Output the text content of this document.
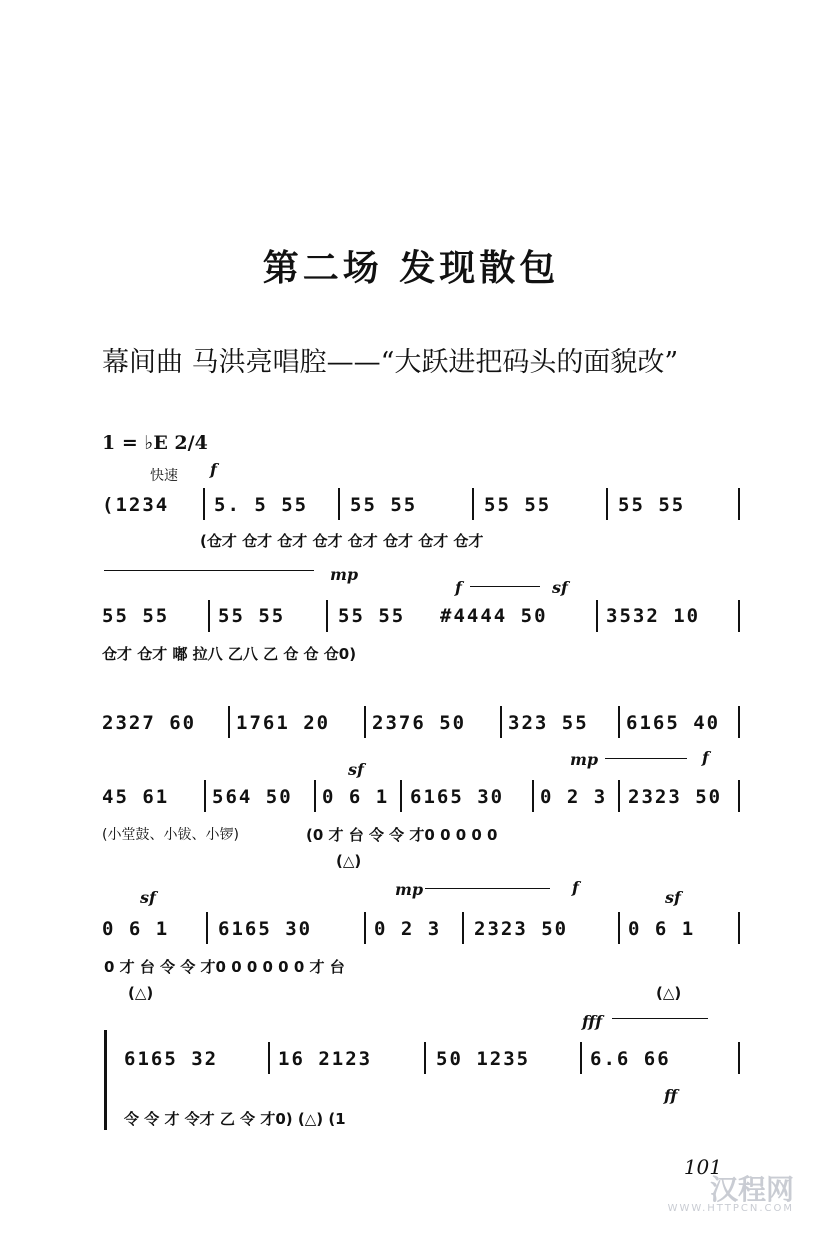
第二场 发现散包
幕间曲 马洪亮唱腔——“大跃进把码头的面貌改”
1 = ♭E 2/4
快速 f
(1234 5. 5 55 55 55	55 55	55 55
(仓才 仓才 仓才 仓才 仓才 仓才 仓才 仓才
mp
f	sf
55 55	55 55	55 55 #4444 50	3532 10
仓才 仓才 嘟 拉八 乙八 乙 仓 仓 仓0)
2327 60 1761 20 2376 50 323 55 6165 40
sf
mp	f
45 61 564 50 0 6 1 6165 30 0 2 3 2323 50
(小堂鼓、小钹、小锣)	(0 才 台 令 令 才0 0 0 0 0
(△)
sf	mp	f
sf
0 6 1	6165 30	0 2 3 2323 50	0 6 1
0 才 台 令 令 才0 0 0 0 0 0 才 台
(△)	(△)
fff
ff
6165 32	16 2123	50 1235	6.6 66
令 令 才 令才 乙 令 才0) (△) (1
101
汉程网
WWW.HTTPCN.COM
